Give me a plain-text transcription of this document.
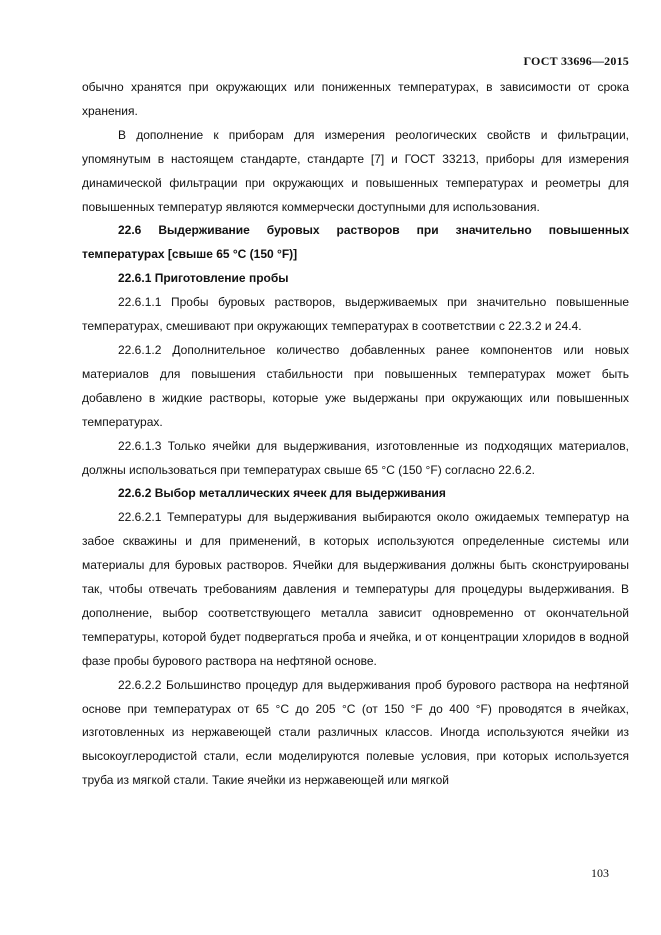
ГОСТ 33696—2015

обычно хранятся при окружающих или пониженных температурах, в зависимости от срока хранения.

В дополнение к приборам для измерения реологических свойств и фильтрации, упомянутым в настоящем стандарте, стандарте [7] и ГОСТ 33213, приборы для измерения динамической фильтрации при окружающих и повышенных температурах и реометры для повышенных температур являются коммерчески доступными для использования.

22.6 Выдерживание буровых растворов при значительно повышенных температурах [свыше 65 °С (150 °F)]

22.6.1 Приготовление пробы

22.6.1.1 Пробы буровых растворов, выдерживаемых при значительно повышенные температурах, смешивают при окружающих температурах в соответствии с 22.3.2 и 24.4.

22.6.1.2 Дополнительное количество добавленных ранее компонентов или новых материалов для повышения стабильности при повышенных температурах может быть добавлено в жидкие растворы, которые уже выдержаны при окружающих или повышенных температурах.

22.6.1.3 Только ячейки для выдерживания, изготовленные из подходящих материалов, должны использоваться при температурах свыше 65 °С (150 °F) согласно 22.6.2.

22.6.2 Выбор металлических ячеек для выдерживания

22.6.2.1 Температуры для выдерживания выбираются около ожидаемых температур на забое скважины и для применений, в которых используются определенные системы или материалы для буровых растворов. Ячейки для выдерживания должны быть сконструированы так, чтобы отвечать требованиям давления и температуры для процедуры выдерживания. В дополнение, выбор соответствующего металла зависит одновременно от окончательной температуры, которой будет подвергаться проба и ячейка, и от концентрации хлоридов в водной фазе пробы бурового раствора на нефтяной основе.

22.6.2.2 Большинство процедур для выдерживания проб бурового раствора на нефтяной основе при температурах от 65 °С до 205 °С (от 150 °F до 400 °F) проводятся в ячейках, изготовленных из нержавеющей стали различных классов. Иногда используются ячейки из высокоуглеродистой стали, если моделируются полевые условия, при которых используется труба из мягкой стали. Такие ячейки из нержавеющей или мягкой

103
